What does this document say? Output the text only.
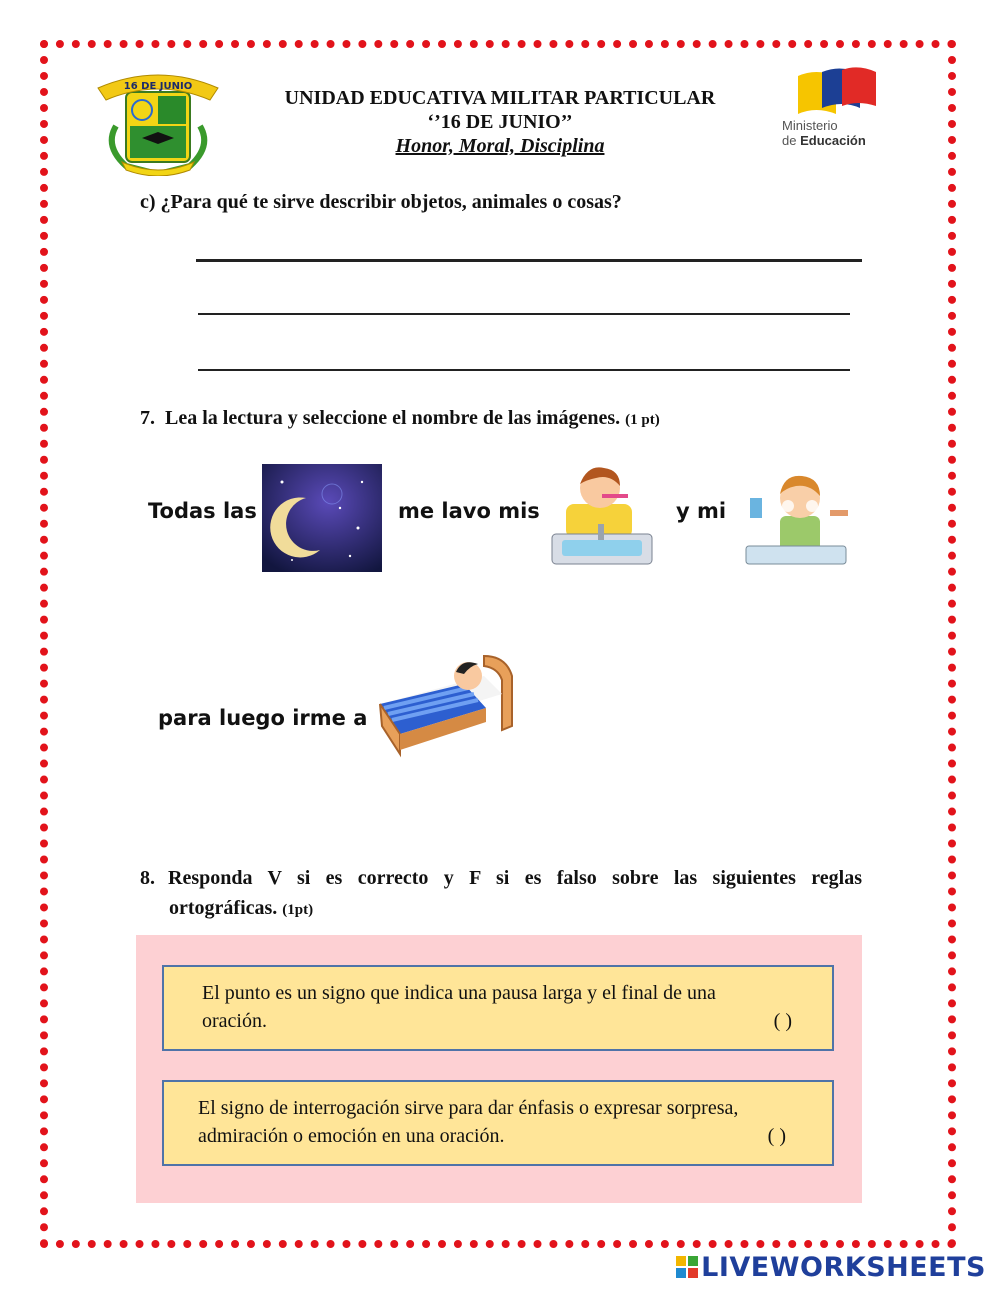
16 DE JUNIO
UNIDAD EDUCATIVA MILITAR PARTICULAR
‘’16 DE JUNIO’’
Honor, Moral, Disciplina
Ministerio
de Educación
c) ¿Para qué te sirve describir objetos, animales o cosas?
7. Lea la lectura y seleccione el nombre de las imágenes. (1 pt)
Todas las	me lavo mis	y mi
para luego irme a
8. Responda V si es correcto y F si es falso sobre las siguientes reglas
ortográficas. (1pt)
El punto es un signo que indica una pausa larga y el final de una
oración.	( )
El signo de interrogación sirve para dar énfasis o expresar sorpresa,
admiración o emoción en una oración.	( )
LIVEWORKSHEETS
